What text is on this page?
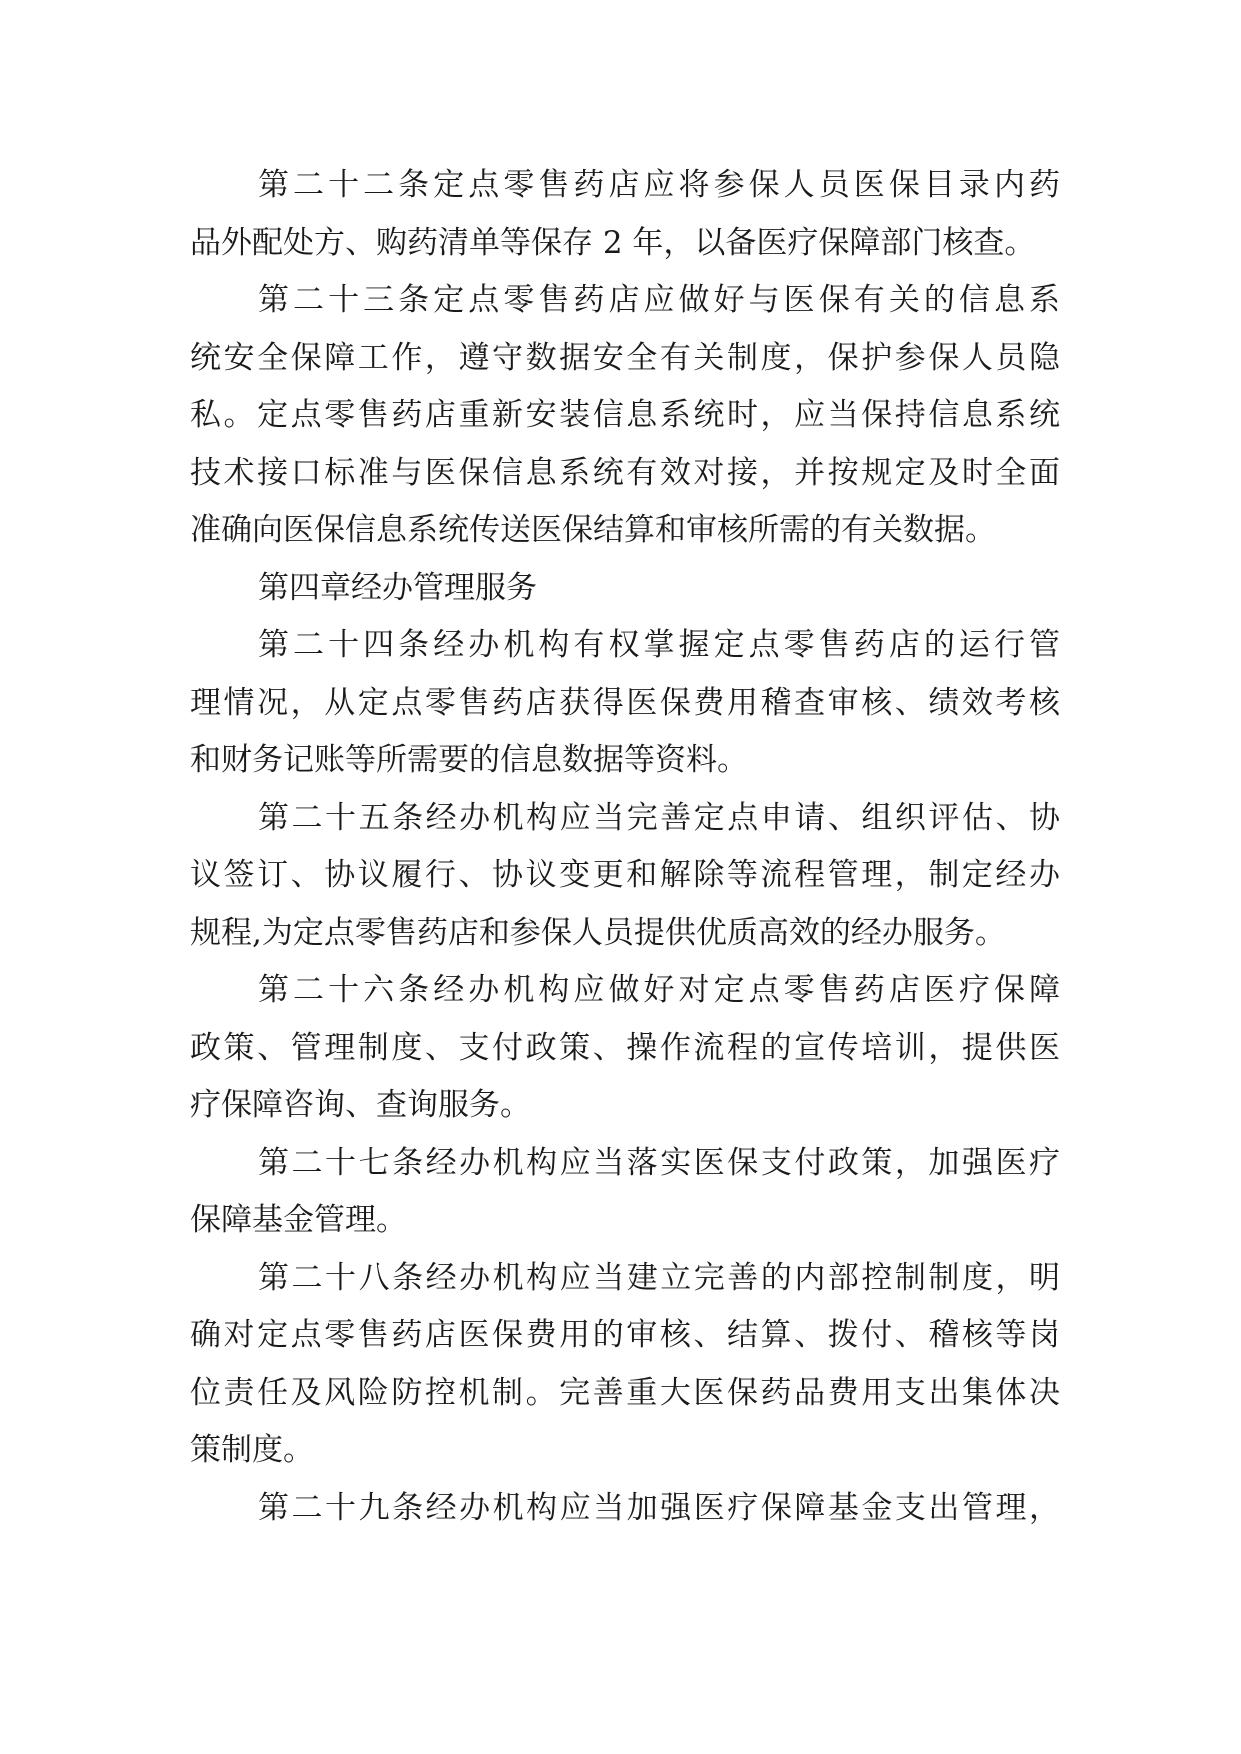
第二十二条定点零售药店应将参保人员医保目录内药
品外配处方、购药清单等保存 2 年，以备医疗保障部门核查。
第二十三条定点零售药店应做好与医保有关的信息系
统安全保障工作，遵守数据安全有关制度，保护参保人员隐
私。定点零售药店重新安装信息系统时，应当保持信息系统
技术接口标准与医保信息系统有效对接，并按规定及时全面
准确向医保信息系统传送医保结算和审核所需的有关数据。
第四章经办管理服务
第二十四条经办机构有权掌握定点零售药店的运行管
理情况，从定点零售药店获得医保费用稽查审核、绩效考核
和财务记账等所需要的信息数据等资料。
第二十五条经办机构应当完善定点申请、组织评估、协
议签订、协议履行、协议变更和解除等流程管理，制定经办
规程,为定点零售药店和参保人员提供优质高效的经办服务。
第二十六条经办机构应做好对定点零售药店医疗保障
政策、管理制度、支付政策、操作流程的宣传培训，提供医
疗保障咨询、查询服务。
第二十七条经办机构应当落实医保支付政策，加强医疗
保障基金管理。
第二十八条经办机构应当建立完善的内部控制制度，明
确对定点零售药店医保费用的审核、结算、拨付、稽核等岗
位责任及风险防控机制。完善重大医保药品费用支出集体决
策制度。
第二十九条经办机构应当加强医疗保障基金支出管理，
